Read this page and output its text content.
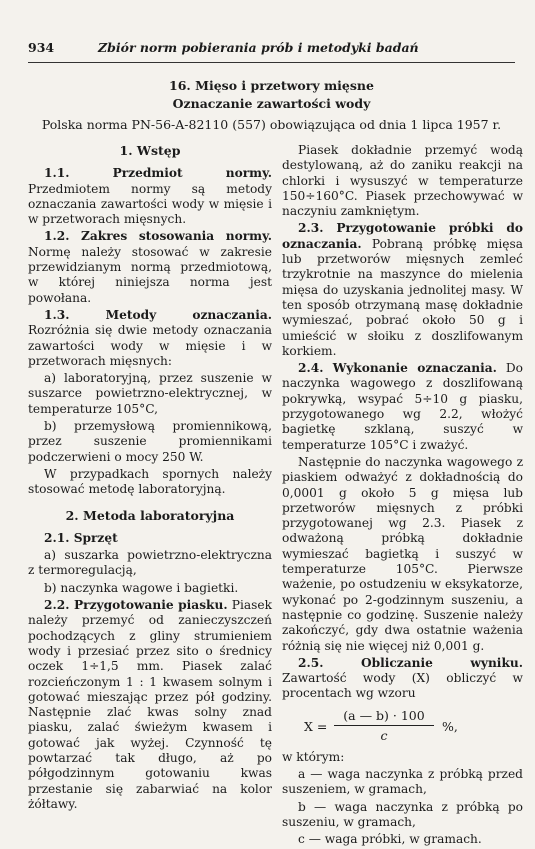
934	Zbiór norm pobierania prób i metodyki badań
16. Mięso i przetwory mięsne
Oznaczanie zawartości wody
Polska norma PN-56-A-82110 (557) obowiązująca od dnia 1 lipca 1957 r.
1. Wstęp

1.1. Przedmiot normy. Przedmiotem normy są metody oznaczania zawartości wody w mięsie i w przetworach mięsnych.

1.2. Zakres stosowania normy. Normę należy stosować w zakresie przewidzianym normą przedmiotową, w której niniejsza norma jest powołana.

1.3. Metody oznaczania. Rozróżnia się dwie metody oznaczania zawartości wody w mięsie i w przetworach mięsnych:

a) laboratoryjną, przez suszenie w suszarce powietrzno-elektrycznej, w temperaturze 105°C,

b) przemysłową promiennikową, przez suszenie promiennikami podczerwieni o mocy 250 W.

W przypadkach spornych należy stosować metodę laboratoryjną.

2. Metoda laboratoryjna

2.1. Sprzęt

a) suszarka powietrzno-elektryczna z termoregulacją,

b) naczynka wagowe i bagietki.

2.2. Przygotowanie piasku. Piasek należy przemyć od zanieczyszczeń pochodzących z gliny strumieniem wody i przesiać przez sito o średnicy oczek 1÷1,5 mm. Piasek zalać rozcieńczonym 1 : 1 kwasem solnym i gotować mieszając przez pół godziny. Następnie zlać kwas solny znad piasku, zalać świeżym kwasem i gotować jak wyżej. Czynność tę powtarzać tak długo, aż po półgodzinnym gotowaniu kwas przestanie się zabarwiać na kolor żółtawy.

Piasek dokładnie przemyć wodą destylowaną, aż do zaniku reakcji na chlorki i wysuszyć w temperaturze 150÷160°C. Piasek przechowywać w naczyniu zamkniętym.

2.3. Przygotowanie próbki do oznaczania. Pobraną próbkę mięsa lub przetworów mięsnych zemleć trzykrotnie na maszynce do mielenia mięsa do uzyskania jednolitej masy. W ten sposób otrzymaną masę dokładnie wymieszać, pobrać około 50 g i umieścić w słoiku z doszlifowanym korkiem.

2.4. Wykonanie oznaczania. Do naczynka wagowego z doszlifowaną pokrywką, wsypać 5÷10 g piasku, przygotowanego wg 2.2, włożyć bagietkę szklaną, suszyć w temperaturze 105°C i zważyć.

Następnie do naczynka wagowego z piaskiem odważyć z dokładnością do 0,0001 g około 5 g mięsa lub przetworów mięsnych z próbki przygotowanej wg 2.3. Piasek z odważoną próbką dokładnie wymieszać bagietką i suszyć w temperaturze 105°C. Pierwsze ważenie, po ostudzeniu w eksykatorze, wykonać po 2-godzinnym suszeniu, a następnie co godzinę. Suszenie należy zakończyć, gdy dwa ostatnie ważenia różnią się nie więcej niż 0,001 g.

2.5. Obliczanie wyniku. Zawartość wody (X) obliczyć w procentach wg wzoru

$X = \frac{(a — b) \cdot 100}{c}$ %,

w którym:

a — waga naczynka z próbką przed suszeniem, w gramach,

b — waga naczynka z próbką po suszeniu, w gramach,

c — waga próbki, w gramach.
